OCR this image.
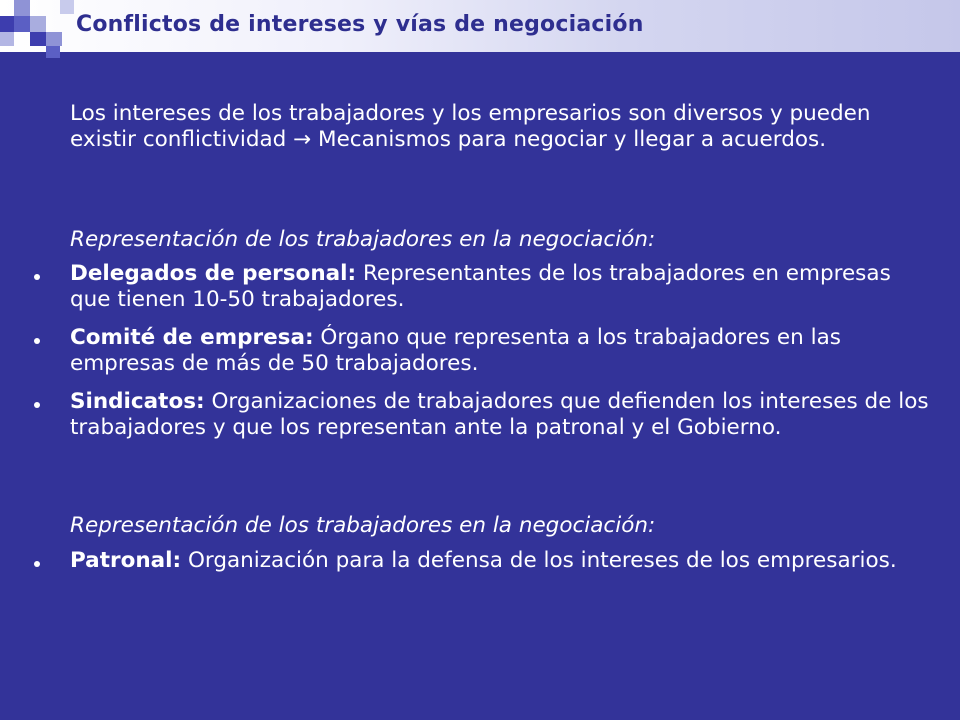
Conflictos de intereses y vías de negociación
Los intereses de los trabajadores y los empresarios son diversos y pueden existir conflictividad → Mecanismos para negociar y llegar a acuerdos.
Representación de los trabajadores en la negociación:
Delegados de personal: Representantes de los trabajadores en empresas que tienen 10-50 trabajadores.
Comité de empresa: Órgano que representa a los trabajadores en las empresas de más de 50 trabajadores.
Sindicatos: Organizaciones de trabajadores que defienden los intereses de los trabajadores y que los representan ante la patronal y el Gobierno.
Representación de los trabajadores en la negociación:
Patronal: Organización para la defensa de los intereses de los empresarios.
